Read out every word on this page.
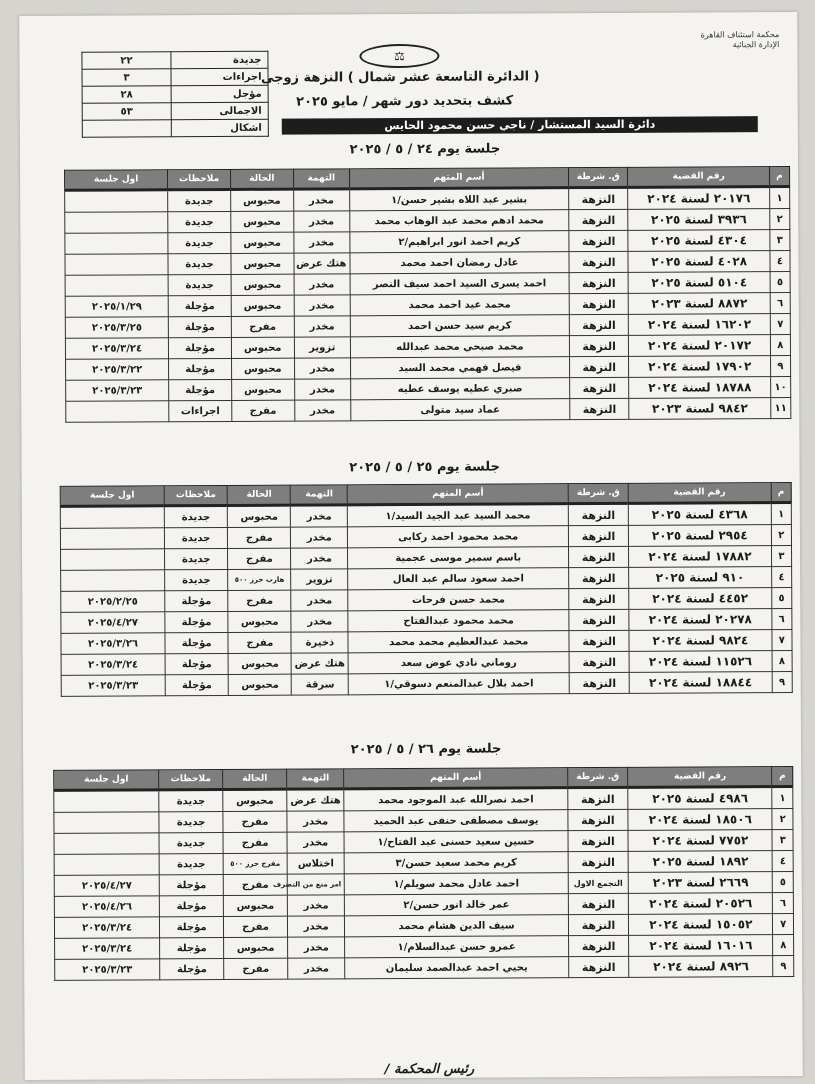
محكمة استئناف القاهرة
الإدارة الجنائية
جديدة	٢٢
اجراءات	٣
مؤجل	٢٨
الاجمالى	٥٣
اشكال	
⚖
( الدائرة التاسعة عشر شمال ) النزهة زوجى
كشف بتحديد دور شهر / مايو ٢٠٢٥
دائرة السيد المستشار / ناجي حسن محمود الحايس
جلسة يوم ٢٤ / ٥ / ٢٠٢٥
م	رقم القضية	ق. شرطة	أسم المتهم	التهمة	الحالة	ملاحظات	اول جلسة
١	٢٠١٧٦ لسنة ٢٠٢٤	النزهة	بشير عبد اللاه بشير حسن/١	مخدر	محبوس	جديدة	
٢	٣٩٣٦ لسنة ٢٠٢٥	النزهة	محمد ادهم محمد عبد الوهاب محمد	مخدر	محبوس	جديدة	
٣	٤٣٠٤ لسنة ٢٠٢٥	النزهة	كريم احمد انور ابراهيم/٢	مخدر	محبوس	جديدة	
٤	٤٠٢٨ لسنة ٢٠٢٥	النزهة	عادل رمضان احمد محمد	هتك عرض	محبوس	جديدة	
٥	٥١٠٤ لسنة ٢٠٢٥	النزهة	احمد يسرى السيد احمد سيف النصر	مخدر	محبوس	جديدة	
٦	٨٨٧٢ لسنة ٢٠٢٣	النزهة	محمد عيد احمد محمد	مخدر	محبوس	مؤجلة	٢٠٢٥/١/٢٩
٧	١٦٢٠٢ لسنة ٢٠٢٤	النزهة	كريم سيد حسن احمد	مخدر	مفرج	مؤجلة	٢٠٢٥/٣/٢٥
٨	٢٠١٧٢ لسنة ٢٠٢٤	النزهة	محمد صبحي محمد عبدالله	تزوير	محبوس	مؤجلة	٢٠٢٥/٣/٢٤
٩	١٧٩٠٢ لسنة ٢٠٢٤	النزهة	فيصل فهمي محمد السيد	مخدر	محبوس	مؤجلة	٢٠٢٥/٣/٢٢
١٠	١٨٧٨٨ لسنة ٢٠٢٤	النزهة	صبري عطيه يوسف عطيه	مخدر	محبوس	مؤجلة	٢٠٢٥/٣/٢٣
١١	٩٨٤٢ لسنة ٢٠٢٣	النزهة	عماد سيد متولى	مخدر	مفرج	اجراءات	
جلسة يوم ٢٥ / ٥ / ٢٠٢٥
م	رقم القضية	ق. شرطة	أسم المتهم	التهمة	الحالة	ملاحظات	اول جلسة
١	٤٣٦٨ لسنة ٢٠٢٥	النزهة	محمد السيد عبد الجيد السيد/١	مخدر	محبوس	جديدة	
٢	٢٩٥٤ لسنة ٢٠٢٥	النزهة	محمد محمود احمد ركابى	مخدر	مفرج	جديدة	
٣	١٧٨٨٢ لسنة ٢٠٢٤	النزهة	باسم سمير موسى عجمية	مخدر	مفرج	جديدة	
٤	٩١٠ لسنة ٢٠٢٥	النزهة	احمد سعود سالم عبد العال	تزوير	هارب حرز ٥٠٠	جديدة	
٥	٤٤٥٢ لسنة ٢٠٢٤	النزهة	محمد حسن فرحات	مخدر	مفرج	مؤجلة	٢٠٢٥/٢/٢٥
٦	٢٠٢٧٨ لسنة ٢٠٢٤	النزهة	محمد محمود عبدالفتاح	مخدر	محبوس	مؤجلة	٢٠٢٥/٤/٢٧
٧	٩٨٢٤ لسنة ٢٠٢٤	النزهة	محمد عبدالعظيم محمد محمد	ذخيرة	مفرج	مؤجلة	٢٠٢٥/٣/٢٦
٨	١١٥٢٦ لسنة ٢٠٢٤	النزهة	روماني نادي عوض سعد	هتك عرض	محبوس	مؤجلة	٢٠٢٥/٣/٢٤
٩	١٨٨٤٤ لسنة ٢٠٢٤	النزهة	احمد بلال عبدالمنعم دسوقي/١	سرقة	محبوس	مؤجلة	٢٠٢٥/٣/٢٣
جلسة يوم ٢٦ / ٥ / ٢٠٢٥
م	رقم القضية	ق. شرطة	أسم المتهم	التهمة	الحالة	ملاحظات	اول جلسة
١	٤٩٨٦ لسنة ٢٠٢٥	النزهة	احمد نصرالله عبد الموجود محمد	هتك عرض	محبوس	جديدة	
٢	١٨٥٠٦ لسنة ٢٠٢٤	النزهة	يوسف مصطفى حنفى عبد الحميد	مخدر	مفرج	جديدة	
٣	٧٧٥٢ لسنة ٢٠٢٤	النزهة	حسين سعيد حسنى عبد الفتاح/١	مخدر	مفرج	جديدة	
٤	١٨٩٢ لسنة ٢٠٢٥	النزهة	كريم محمد سعيد حسن/٣	اختلاس	مفرج حرز ٥٠٠	جديدة	
٥	٢٦٦٩ لسنة ٢٠٢٣	التجمع الاول	احمد عادل محمد سويلم/١	امر منع من التصرف	مفرج	مؤجلة	٢٠٢٥/٤/٢٧
٦	٢٠٥٢٦ لسنة ٢٠٢٤	النزهة	عمر خالد انور حسن/٢	مخدر	محبوس	مؤجلة	٢٠٢٥/٤/٢٦
٧	١٥٠٥٢ لسنة ٢٠٢٤	النزهة	سيف الدين هشام محمد	مخدر	مفرج	مؤجلة	٢٠٢٥/٣/٢٤
٨	١٦٠١٦ لسنة ٢٠٢٤	النزهة	عمرو حسن عبدالسلام/١	مخدر	محبوس	مؤجلة	٢٠٢٥/٣/٢٤
٩	٨٩٢٦ لسنة ٢٠٢٤	النزهة	يحيي احمد عبدالصمد سليمان	مخدر	مفرج	مؤجلة	٢٠٢٥/٣/٢٣
رئيس المحكمة /
